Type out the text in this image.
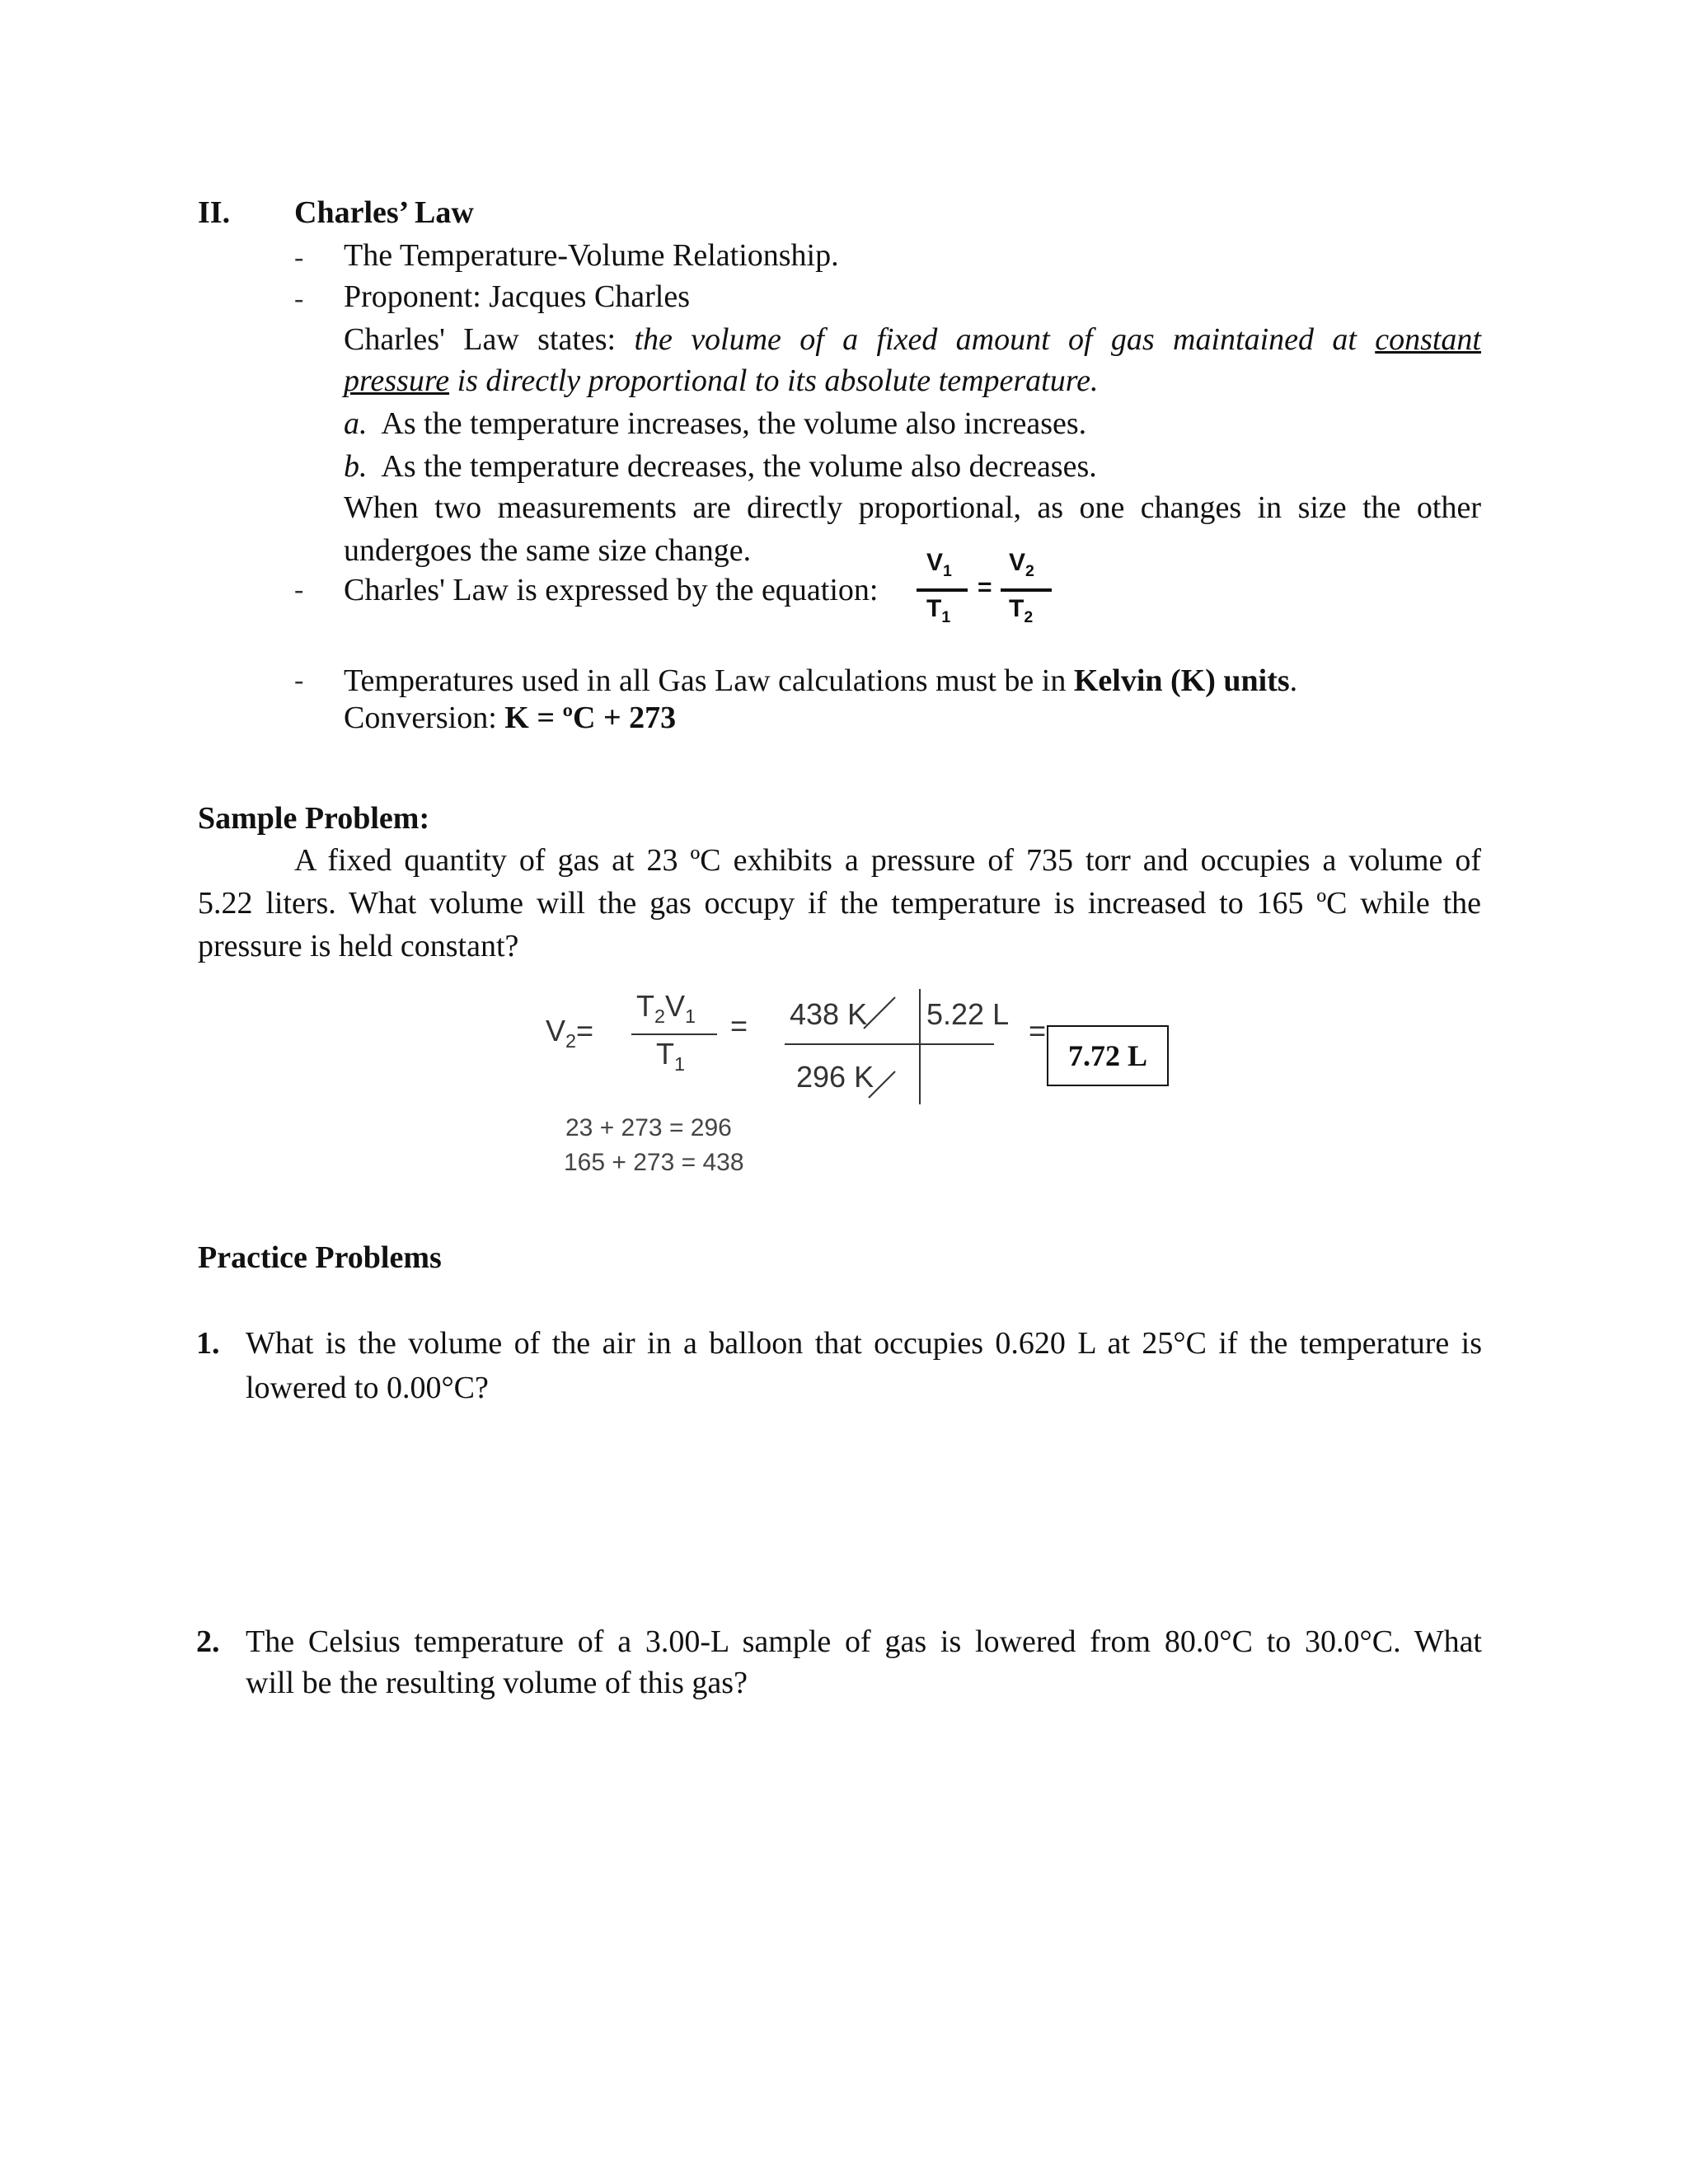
II. Charles’ Law
- The Temperature-Volume Relationship.
- Proponent: Jacques Charles
Charles' Law states: the volume of a fixed amount of gas maintained at constant
pressure is directly proportional to its absolute temperature.
a. As the temperature increases, the volume also increases.
b. As the temperature decreases, the volume also decreases.
When two measurements are directly proportional, as one changes in size the other
undergoes the same size change.
- Charles' Law is expressed by the equation:
$V_1$
$T_1$
=
$V_2$
$T_2$
- Temperatures used in all Gas Law calculations must be in Kelvin (K) units.
Conversion: K = ºC + 273
Sample Problem:
A fixed quantity of gas at 23 ºC exhibits a pressure of 735 torr and occupies a volume of
5.22 liters. What volume will the gas occupy if the temperature is increased to 165 ºC while the
pressure is held constant?
$V_2=$
$T_2V_1$
$T_1$
= 438 K 5.22 L
296 K
=
7.72 L
23 + 273 = 296
165 + 273 = 438
Practice Problems
1. What is the volume of the air in a balloon that occupies 0.620 L at 25°C if the temperature is
lowered to 0.00°C?
2. The Celsius temperature of a 3.00-L sample of gas is lowered from 80.0°C to 30.0°C. What
will be the resulting volume of this gas?
